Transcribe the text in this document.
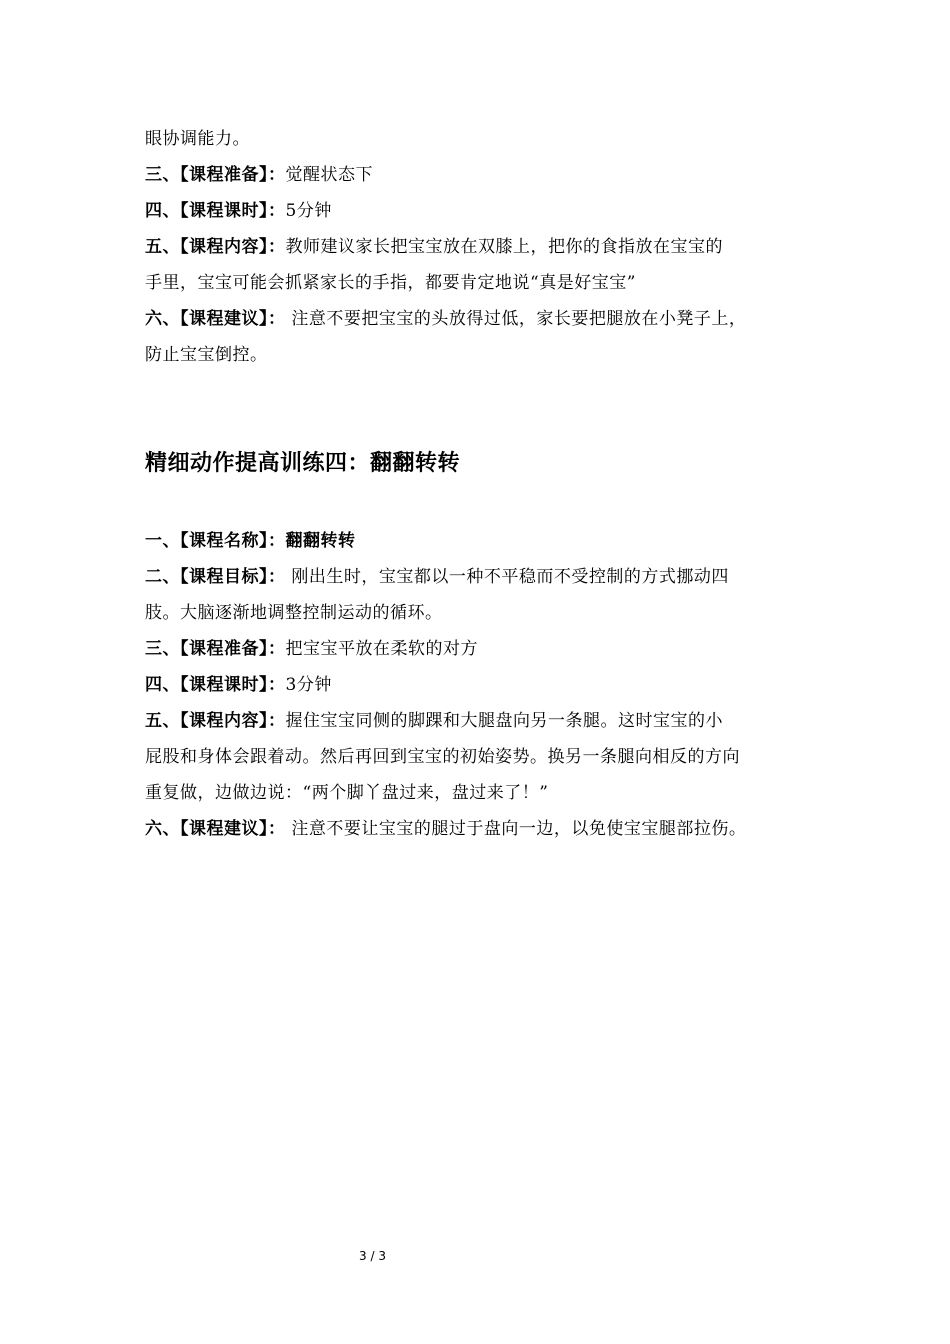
眼协调能力。
三、【课程准备】：觉醒状态下
四、【课程课时】：5分钟
五、【课程内容】：教师建议家长把宝宝放在双膝上，把你的食指放在宝宝的
手里，宝宝可能会抓紧家长的手指，都要肯定地说“真是好宝宝”
六、【课程建议】： 注意不要把宝宝的头放得过低，家长要把腿放在小凳子上，
防止宝宝倒控。
精细动作提高训练四：翻翻转转
一、【课程名称】：翻翻转转
二、【课程目标】： 刚出生时，宝宝都以一种不平稳而不受控制的方式挪动四
肢。大脑逐渐地调整控制运动的循环。
三、【课程准备】：把宝宝平放在柔软的对方
四、【课程课时】：3分钟
五、【课程内容】：握住宝宝同侧的脚踝和大腿盘向另一条腿。这时宝宝的小
屁股和身体会跟着动。然后再回到宝宝的初始姿势。换另一条腿向相反的方向
重复做，边做边说：“两个脚丫盘过来，盘过来了！”
六、【课程建议】： 注意不要让宝宝的腿过于盘向一边，以免使宝宝腿部拉伤。
3 / 3
